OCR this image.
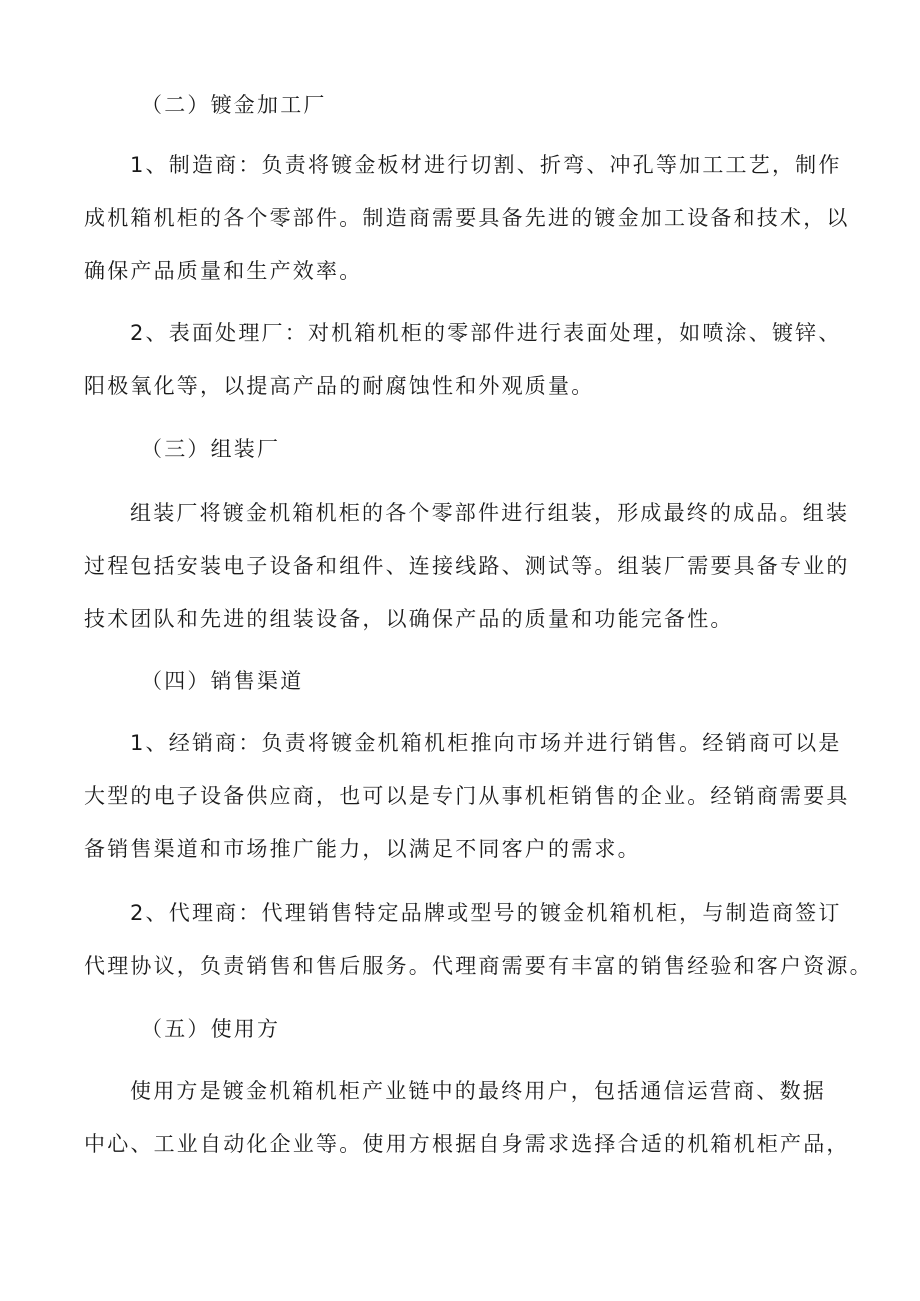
（二）镀金加工厂

1、制造商：负责将镀金板材进行切割、折弯、冲孔等加工工艺，制作
成机箱机柜的各个零部件。制造商需要具备先进的镀金加工设备和技术，以
确保产品质量和生产效率。

2、表面处理厂：对机箱机柜的零部件进行表面处理，如喷涂、镀锌、
阳极氧化等，以提高产品的耐腐蚀性和外观质量。

（三）组装厂

组装厂将镀金机箱机柜的各个零部件进行组装，形成最终的成品。组装
过程包括安装电子设备和组件、连接线路、测试等。组装厂需要具备专业的
技术团队和先进的组装设备，以确保产品的质量和功能完备性。

（四）销售渠道

1、经销商：负责将镀金机箱机柜推向市场并进行销售。经销商可以是
大型的电子设备供应商，也可以是专门从事机柜销售的企业。经销商需要具
备销售渠道和市场推广能力，以满足不同客户的需求。

2、代理商：代理销售特定品牌或型号的镀金机箱机柜，与制造商签订
代理协议，负责销售和售后服务。代理商需要有丰富的销售经验和客户资源。

（五）使用方

使用方是镀金机箱机柜产业链中的最终用户，包括通信运营商、数据
中心、工业自动化企业等。使用方根据自身需求选择合适的机箱机柜产品，
